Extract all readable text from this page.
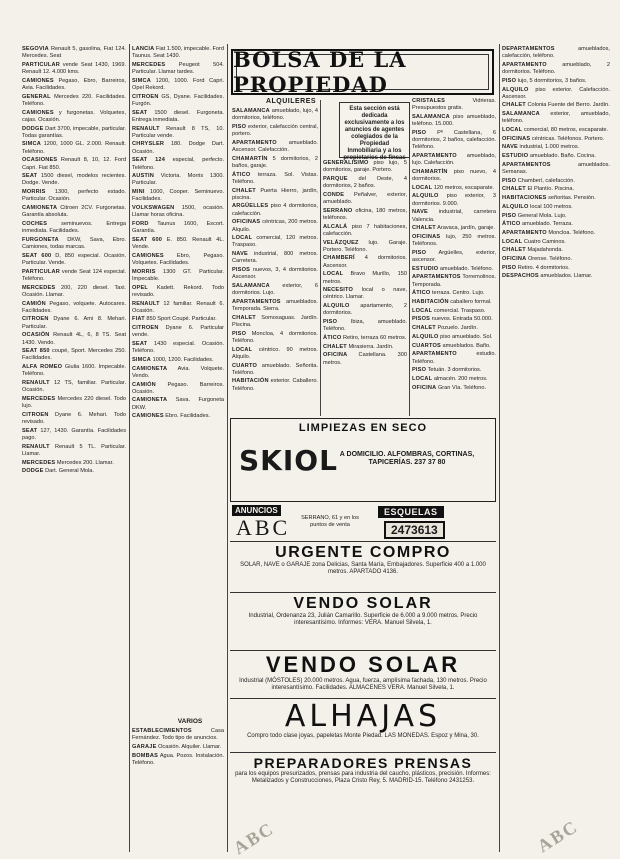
SEGOVIA Renault 5, gasolina, Fiat 124. Mercedes. Seat
PARTICULAR vende Seat 1430, 1969. Renault 12. 4.000 kms.
CAMIONES Pegaso, Ebro, Barreiros, Avia. Facilidades.
GENERAL Mercedes 220. Facilidades. Teléfono.
CAMIONES y furgonetas. Volquetes, cajas. Ocasión.
DODGE Dart 3700, impecable, particular. Todas garantías.
SIMCA 1200, 1000 GL. 2.000. Renault. Teléfono.
OCASIONES Renault 8, 10, 12. Ford Capri. Fiat 850.
SEAT 1500 diesel, modelos recientes. Dodge. Vende.
MORRIS 1300, perfecto estado. Particular. Ocasión.
CAMIONETA Citroen 2CV. Furgonetas. Garantía absoluta.
COCHES seminuevos. Entrega inmediata. Facilidades.
FURGONETA DKW, Sava, Ebro. Camiones, todas marcas.
SEAT 600 D, 850 especial. Ocasión. Particular. Vende.
PARTICULAR vende Seat 124 especial. Teléfono.
MERCEDES 200, 220 diesel. Taxi. Ocasión. Llamar.
CAMIÓN Pegaso, volquete. Autocares. Facilidades.
CITROEN Dyane 6. Ami 8. Mehari. Particular.
OCASIÓN Renault 4L, 6, 8 TS. Seat 1430. Vendo.
SEAT 850 coupé, Sport. Mercedes 250. Facilidades.
ALFA ROMEO Giulia 1600. Impecable. Teléfono.
RENAULT 12 TS, familiar. Particular. Ocasión.
MERCEDES Mercedes 220 diesel. Todo lujo.
CITROEN Dyane 6. Mehari. Todo revisado.
SEAT 127, 1430. Garantía. Facilidades pago.
RENAULT Renault 5 TL. Particular. Llamar.
MERCEDES Mercedes 200. Llamar.
DODGE Dart. General Mola.
LANCIA Fiat 1.500, impecable. Ford Taunus. Seat 1430.
MERCEDES Peugeot 504. Particular. Llamar tardes.
SIMCA 1200, 1000. Ford Capri. Opel Rekord.
CITROEN GS, Dyane. Facilidades. Furgón.
SEAT 1500 diesel. Furgoneta. Entrega inmediata.
RENAULT Renault 8 TS, 10. Particular vende.
CHRYSLER 180. Dodge Dart. Ocasión.
SEAT 124 especial, perfecto. Teléfono.
AUSTIN Victoria. Morris 1300. Particular.
MINI 1000, Cooper. Seminuevo. Facilidades.
VOLKSWAGEN 1500, ocasión. Llamar horas oficina.
FORD Taunus 1600, Escort. Garantía.
SEAT 600 E. 850. Renault 4L. Vende.
CAMIONES Ebro, Pegaso. Volquetes. Facilidades.
MORRIS 1300 GT. Particular. Impecable.
OPEL Kadett. Rekord. Todo revisado.
RENAULT 12 familiar. Renault 6. Ocasión.
FIAT 850 Sport Coupé. Particular.
CITROEN Dyane 6. Particular vende.
SEAT 1430 especial. Ocasión. Teléfono.
SIMCA 1000, 1200. Facilidades.
CAMIONETA Avia. Volquete. Vendo.
CAMIÓN Pegaso. Barreiros. Ocasión.
CAMIONETA Sava. Furgoneta DKW.
CAMIONES Ebro. Facilidades.
VARIOS
ESTABLECIMIENTOS Casa Fernández. Todo tipo de anuncios.
GARAJE Ocasión. Alquiler. Llamar.
BOMBAS Agua. Pozos. Instalación. Teléfono.
BOLSA DE LA PROPIEDAD
ALQUILERES
Esta sección está dedicada exclusivamente a los anuncios de agentes colegiados de la Propiedad Inmobiliaria y a los propietarios de fincas
SALAMANCA amueblado, lujo, 4 dormitorios, teléfono.
PISO exterior, calefacción central, portero.
APARTAMENTO amueblado. Ascensor. Calefacción.
CHAMARTÍN 5 dormitorios, 2 baños, garaje.
ÁTICO terraza. Sol. Vistas. Teléfono.
CHALET Puerta Hierro, jardín, piscina.
ARGÜELLES piso 4 dormitorios, calefacción.
OFICINAS céntricas, 200 metros. Alquilo.
LOCAL comercial, 120 metros. Traspaso.
NAVE industrial, 800 metros. Carretera.
PISOS nuevos, 3, 4 dormitorios. Ascensor.
SALAMANCA exterior, 6 dormitorios. Lujo.
APARTAMENTOS amueblados. Temporada. Sierra.
CHALET Somosaguas. Jardín. Piscina.
PISO Moncloa, 4 dormitorios. Teléfono.
LOCAL céntrico. 90 metros. Alquilo.
CUARTO amueblado. Señorita. Teléfono.
HABITACIÓN exterior. Caballero. Teléfono.
GENERALÍSIMO piso lujo, 5 dormitorios, garaje. Portero.
PARQUE del Oeste, 4 dormitorios, 2 baños.
CONDE Peñalver, exterior, amueblado.
SERRANO oficina, 180 metros, teléfonos.
ALCALÁ piso 7 habitaciones, calefacción.
VELÁZQUEZ lujo. Garaje. Portero. Teléfono.
CHAMBERÍ 4 dormitorios. Ascensor.
LOCAL Bravo Murillo, 150 metros.
NECESITO local o nave, céntrico. Llamar.
ALQUILO apartamento, 2 dormitorios.
PISO Ibiza, amueblado. Teléfono.
ÁTICO Retiro, terraza 60 metros.
CHALET Mirasierra. Jardín.
OFICINA Castellana. 300 metros.
CRISTALES Vidrieras. Presupuestos gratis.
SALAMANCA piso amueblado, teléfono. 15.000.
PISO Pº Castellana, 6 dormitorios, 2 baños, calefacción. Teléfono.
APARTAMENTO amueblado, lujo. Calefacción.
CHAMARTÍN piso nuevo, 4 dormitorios.
LOCAL 120 metros, escaparate.
ALQUILO piso exterior, 3 dormitorios. 9.000.
NAVE industrial, carretera Valencia.
CHALET Aravaca, jardín, garaje.
OFICINAS lujo, 250 metros. Teléfonos.
PISO Argüelles, exterior, ascensor.
ESTUDIO amueblado. Teléfono.
APARTAMENTOS Torremolinos. Temporada.
ÁTICO terraza. Centro. Lujo.
HABITACIÓN caballero formal.
LOCAL comercial. Traspaso.
PISOS nuevos. Entrada 50.000.
CHALET Pozuelo. Jardín.
ALQUILO piso amueblado. Sol.
CUARTOS amueblados. Baño.
APARTAMENTO estudio. Teléfono.
PISO Tetuán. 3 dormitorios.
LOCAL almacén. 200 metros.
OFICINA Gran Vía. Teléfono.
DEPARTAMENTOS amueblados, calefacción, teléfono.
APARTAMENTO amueblado, 2 dormitorios. Teléfono.
PISO lujo, 5 dormitorios, 3 baños.
ALQUILO piso exterior. Calefacción. Ascensor.
CHALET Colonia Fuente del Berro. Jardín.
SALAMANCA exterior, amueblado, teléfono.
LOCAL comercial, 80 metros, escaparate.
OFICINAS céntricas. Teléfonos. Portero.
NAVE industrial, 1.000 metros.
ESTUDIO amueblado. Baño. Cocina.
APARTAMENTOS amueblados. Semanas.
PISO Chamberí, calefacción.
CHALET El Plantío. Piscina.
HABITACIONES señoritas. Pensión.
ALQUILO local 100 metros.
PISO General Mola. Lujo.
ÁTICO amueblado. Terraza.
APARTAMENTO Moncloa. Teléfono.
LOCAL Cuatro Caminos.
CHALET Majadahonda.
OFICINA Orense. Teléfono.
PISO Retiro. 4 dormitorios.
DESPACHOS amueblados. Llamar.
LIMPIEZAS EN SECO
SKIOL A DOMICILIO. ALFOMBRAS, CORTINAS, TAPICERÍAS. 237 37 80
ANUNCIOS
ABC SERRANO, 61 y en los puntos de venta
ESQUELAS
2473613
URGENTE COMPRO
SOLAR, NAVE o GARAJE zona Delicias, Santa María, Embajadores. Superficie 400 a 1.000 metros. APARTADO 4136.
VENDO SOLAR
Industrial, Ordenanza 23, Julián Camarillo. Superficie de 6.000 a 9.000 metros. Precio interesantísimo. Informes: VERA. Manuel Silvela, 1.
VENDO SOLAR
Industrial (MÓSTOLES) 20.000 metros. Agua, fuerza, amplísima fachada, 130 metros. Precio interesantísimo. Facilidades. ALMACENES VERA. Manuel Silvela, 1.
ALHAJAS
Compro todo clase joyas, papeletas Monte Piedad. LAS MONEDAS. Espoz y Mina, 30.
PREPARADORES PRENSAS
para los equipos presurizados, prensas para industria del caucho, plásticos, precisión. Informes: Metalizados y Construcciones, Plaza Cristo Rey, 5. MADRID-15. Teléfono 2431253.
ABC	ABC
